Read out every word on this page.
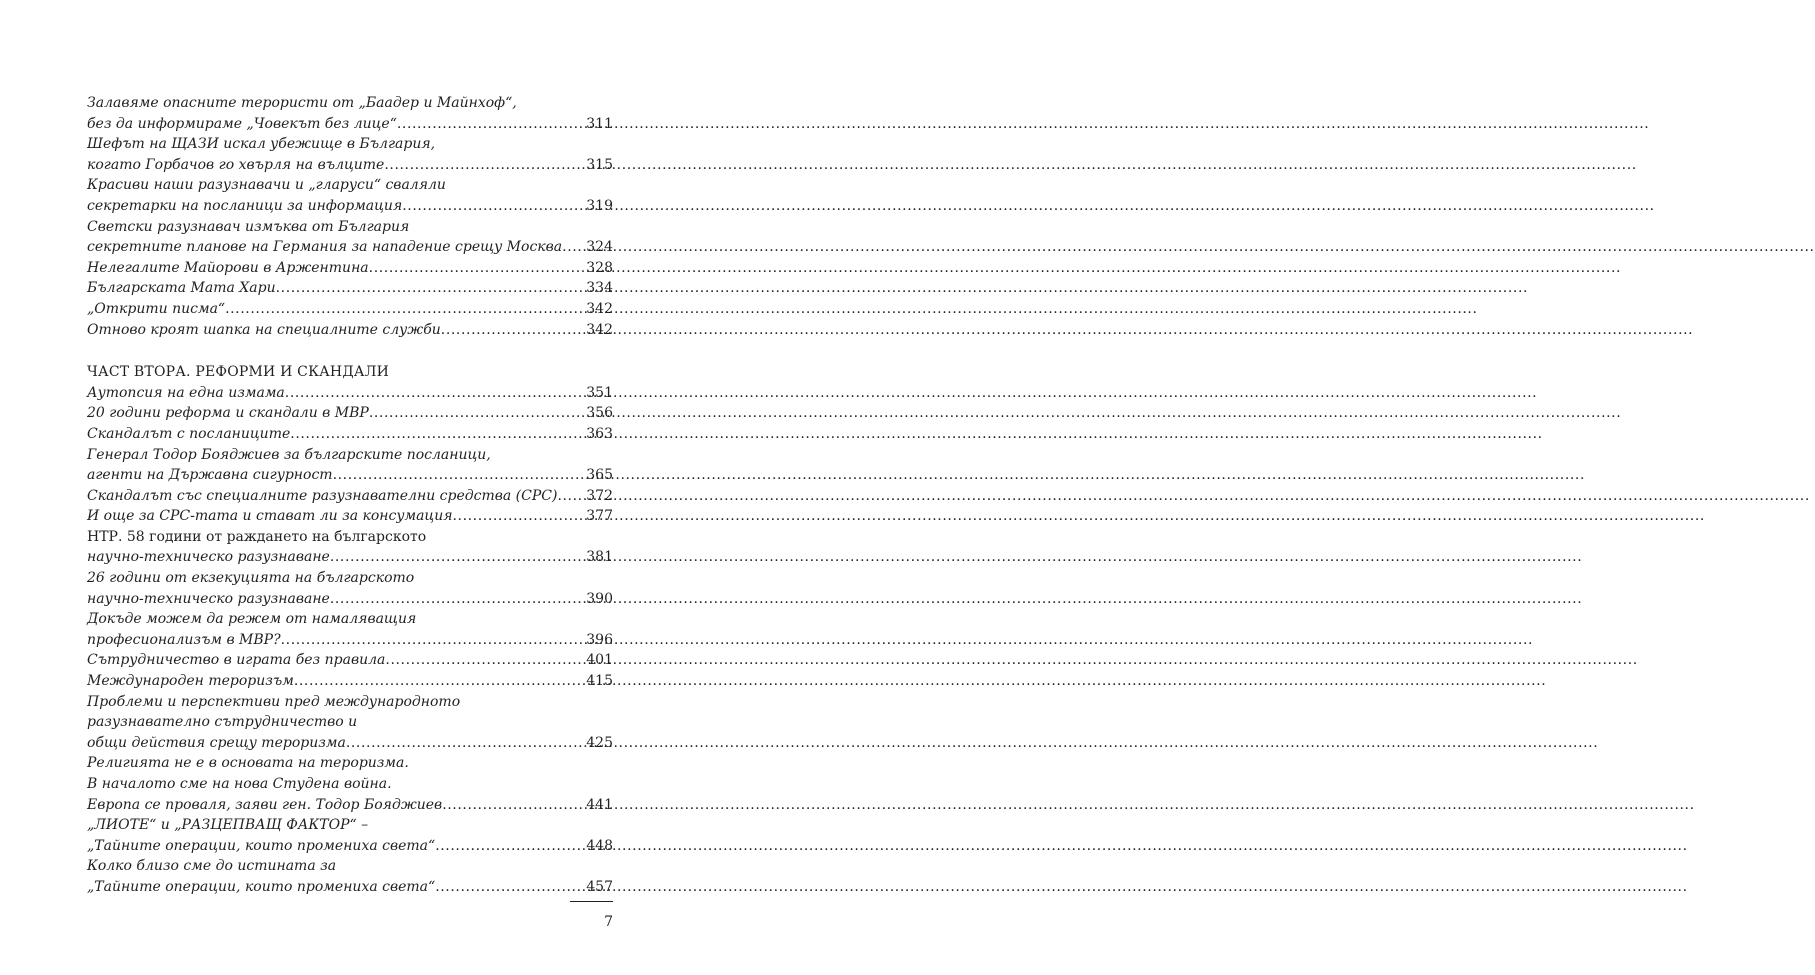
Залавяме опасните терористи от „Баадер и Майнхоф“,
без да информираме „Човекът без лице“ .....	311
Шефът на ЩАЗИ искал убежище в България,
когато Горбачов го хвърля на вълците .....	315
Красиви наши разузнавачи и „гларуси“ сваляли
секретарки на посланици за информация .....	319
Светски разузнавач измъква от България
секретните планове на Германия за нападение срещу Москва ..... 324
Нелегалите Майорови в Аржентина .....	328
Българската Мата Хари .....	334
„Открити писма“ .....	342
Отново кроят шапка на специалните служби .....	342
ЧАСТ ВТОРА. РЕФОРМИ И СКАНДАЛИ
Аутопсия на една измама .....	351
20 години реформа и скандали в МВР .....	356
Скандалът с посланиците .....	363
Генерал Тодор Бояджиев за българските посланици,
агенти на Държавна сигурност .....	365
Скандалът със специалните разузнавателни средства (СРС) ..... 372
И още за СРС-тата и стават ли за консумация .....	377
НТР. 58 години от раждането на българското
научно-техническо разузнаване .....	381
26 години от екзекуцията на българското
научно-техническо разузнаване .....	390
Докъде можем да режем от намаляващия
професионализъм в МВР? .....	396
Сътрудничество в играта без правила .....	401
Международен тероризъм .....	415
Проблеми и перспективи пред международното
разузнавателно сътрудничество и
общи действия срещу тероризма .....	425
Религията не е в основата на тероризма.
В началото сме на нова Студена война.
Европа се проваля, заяви ген. Тодор Бояджиев .....	441
„ЛИОТЕ“ и „РАЗЦЕПВАЩ ФАКТОР“ –
„Тайните операции, които промениха света“ .....	448
Колко близо сме до истината за
„Тайните операции, които промениха света“ .....	457
7
